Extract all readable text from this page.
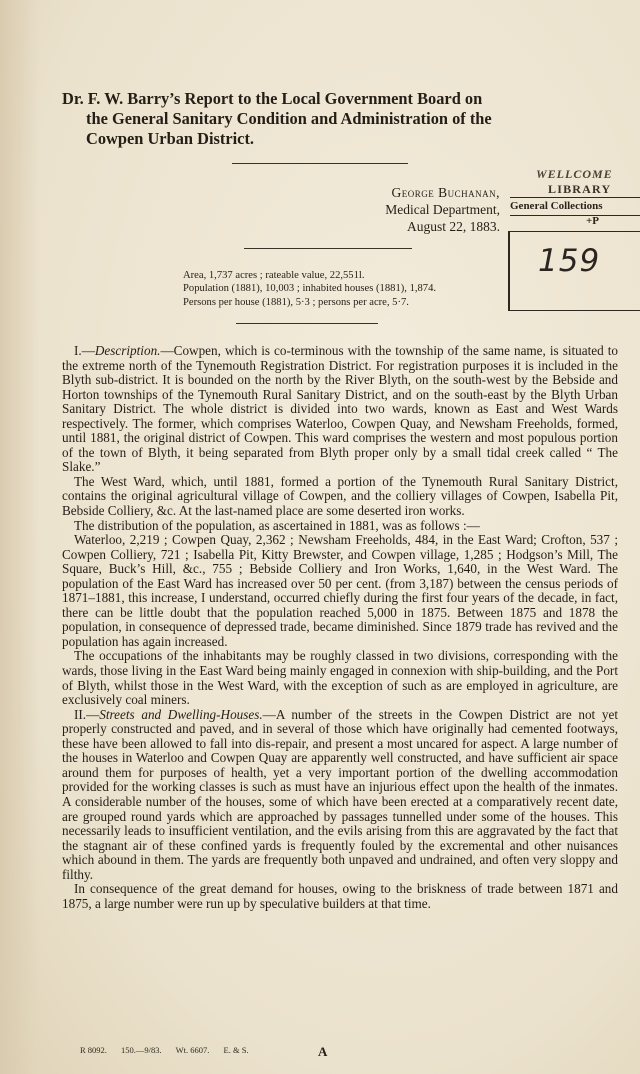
Dr. F. W. Barry’s Report to the Local Government Board on
the General Sanitary Condition and Administration of the
Cowpen Urban District.
George Buchanan,
Medical Department,
August 22, 1883.
Area, 1,737 acres ; rateable value, 22,551l.
Population (1881), 10,003 ; inhabited houses (1881), 1,874.
Persons per house (1881), 5·3 ; persons per acre, 5·7.
WELLCOME
LIBRARY
General Collections
+P
159

I.—Description.—Cowpen, which is co-terminous with the township of the same name, is situated to the extreme north of the Tynemouth Registration District. For registration purposes it is included in the Blyth sub-district. It is bounded on the north by the River Blyth, on the south-west by the Bebside and Horton townships of the Tynemouth Rural Sanitary District, and on the south-east by the Blyth Urban Sanitary District. The whole district is divided into two wards, known as East and West Wards respectively. The former, which comprises Waterloo, Cowpen Quay, and Newsham Freeholds, formed, until 1881, the original district of Cowpen. This ward comprises the western and most populous portion of the town of Blyth, it being separated from Blyth proper only by a small tidal creek called “ The Slake.”

The West Ward, which, until 1881, formed a portion of the Tynemouth Rural Sanitary District, contains the original agricultural village of Cowpen, and the colliery villages of Cowpen, Isabella Pit, Bebside Colliery, &c. At the last-named place are some deserted iron works.

The distribution of the population, as ascertained in 1881, was as follows :—

Waterloo, 2,219 ; Cowpen Quay, 2,362 ; Newsham Freeholds, 484, in the East Ward; Crofton, 537 ; Cowpen Colliery, 721 ; Isabella Pit, Kitty Brewster, and Cowpen village, 1,285 ; Hodgson’s Mill, The Square, Buck’s Hill, &c., 755 ; Bebside Colliery and Iron Works, 1,640, in the West Ward. The population of the East Ward has increased over 50 per cent. (from 3,187) between the census periods of 1871–1881, this increase, I understand, occurred chiefly during the first four years of the decade, in fact, there can be little doubt that the population reached 5,000 in 1875. Between 1875 and 1878 the population, in consequence of depressed trade, became diminished. Since 1879 trade has revived and the population has again increased.

The occupations of the inhabitants may be roughly classed in two divisions, corresponding with the wards, those living in the East Ward being mainly engaged in connexion with ship-building, and the Port of Blyth, whilst those in the West Ward, with the exception of such as are employed in agriculture, are exclusively coal miners.

II.—Streets and Dwelling-Houses.—A number of the streets in the Cowpen District are not yet properly constructed and paved, and in several of those which have originally had cemented footways, these have been allowed to fall into dis-repair, and present a most uncared for aspect. A large number of the houses in Waterloo and Cowpen Quay are apparently well constructed, and have sufficient air space around them for purposes of health, yet a very important portion of the dwelling accommodation provided for the working classes is such as must have an injurious effect upon the health of the inmates. A considerable number of the houses, some of which have been erected at a comparatively recent date, are grouped round yards which are approached by passages tunnelled under some of the houses. This necessarily leads to insufficient ventilation, and the evils arising from this are aggravated by the fact that the stagnant air of these confined yards is frequently fouled by the excremental and other nuisances which abound in them. The yards are frequently both unpaved and undrained, and often very sloppy and filthy.

In consequence of the great demand for houses, owing to the briskness of trade between 1871 and 1875, a large number were run up by speculative builders at that time.

R 8092. 150.—9/83. Wt. 6607. E. & S.	A
